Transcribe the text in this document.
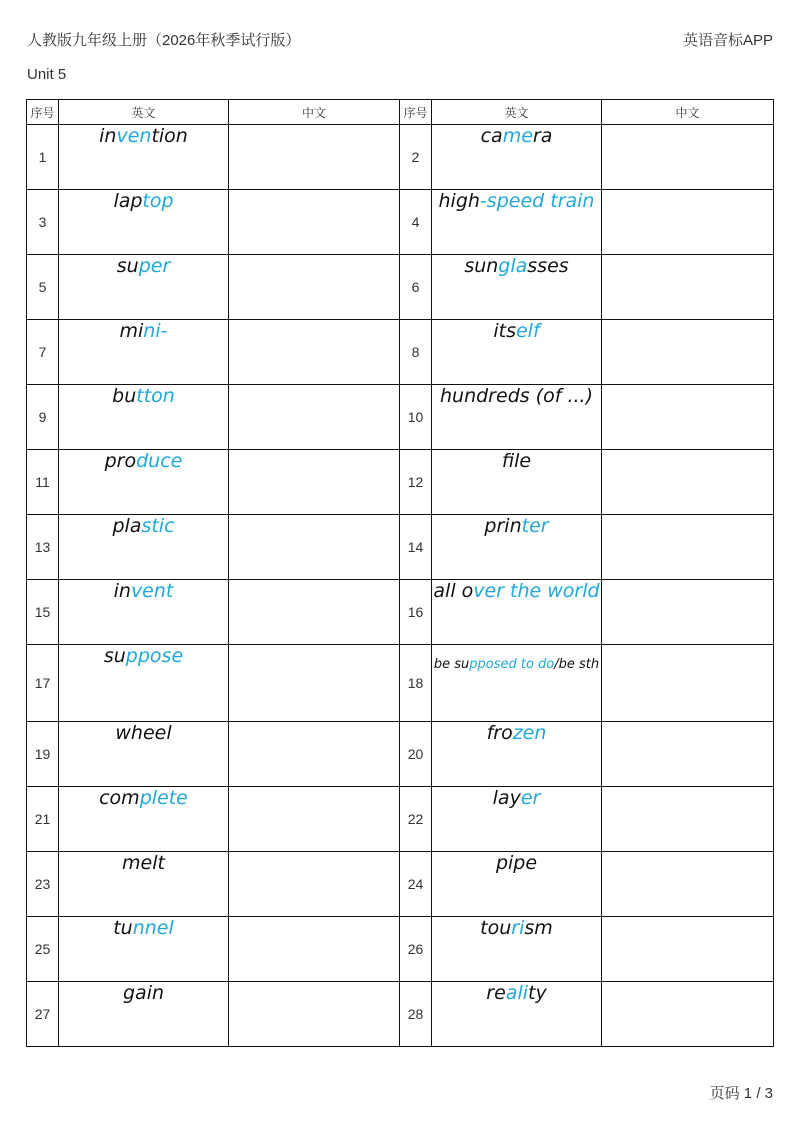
人教版九年级上册（2026年秋季试行版）	英语音标APP
Unit 5
序号	英文	中文	序号	英文	中文
1	invention		2	camera	
3	laptop		4	high-speed train	
5	super		6	sunglasses	
7	mini-		8	itself	
9	button		10	hundreds (of ...)	
11	produce		12	file	
13	plastic		14	printer	
15	invent		16	all over the world	
17	suppose		18	be supposed to do/be sth	
19	wheel		20	frozen	
21	complete		22	layer	
23	melt		24	pipe	
25	tunnel		26	tourism	
27	gain		28	reality	
页码 1 / 3
